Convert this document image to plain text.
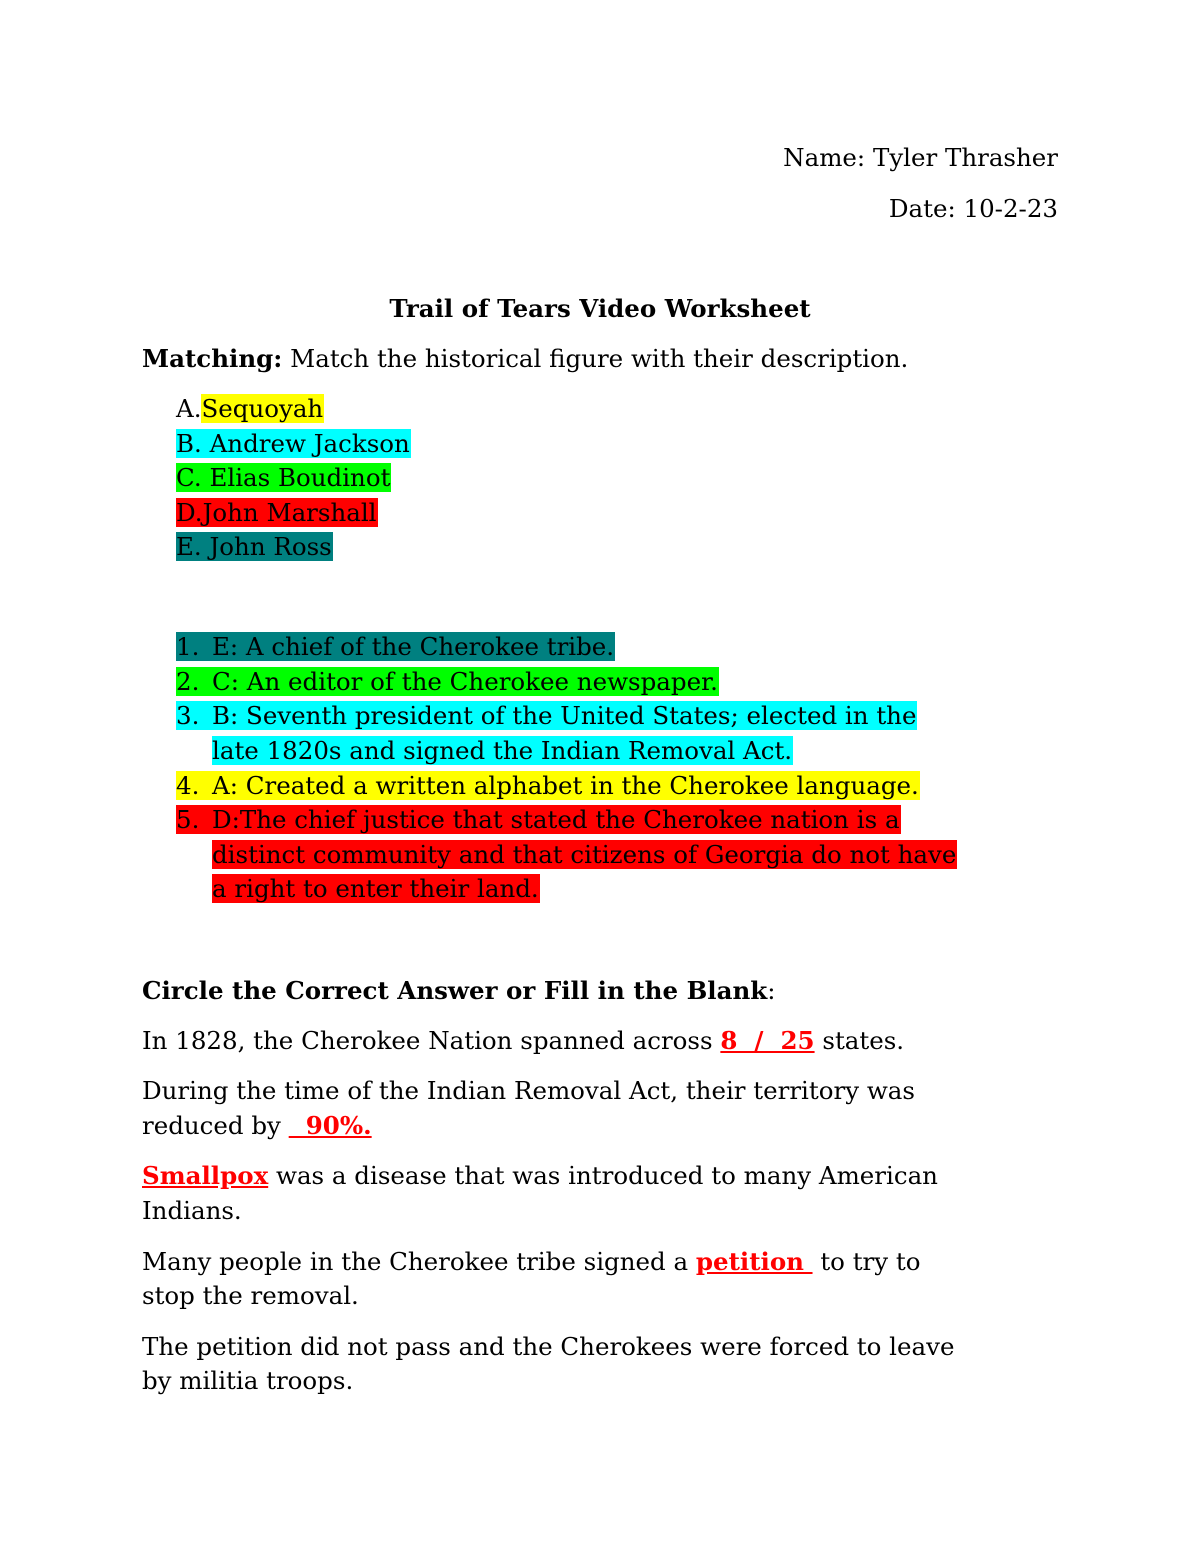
Name: Tyler Thrasher
Date: 10-2-23
Trail of Tears Video Worksheet
Matching: Match the historical figure with their description.
A.Sequoyah
B. Andrew Jackson
C. Elias Boudinot
D.John Marshall
E. John Ross
1. E: A chief of the Cherokee tribe.
2. C: An editor of the Cherokee newspaper.
3. B: Seventh president of the United States; elected in the
late 1820s and signed the Indian Removal Act.
4. A: Created a written alphabet in the Cherokee language.
5. D:The chief justice that stated the Cherokee nation is a
distinct community and that citizens of Georgia do not have
a right to enter their land.
Circle the Correct Answer or Fill in the Blank:
In 1828, the Cherokee Nation spanned across 8  /  25 states.
During the time of the Indian Removal Act, their territory was
reduced by   90%.
Smallpox was a disease that was introduced to many American
Indians.
Many people in the Cherokee tribe signed a petition  to try to
stop the removal.
The petition did not pass and the Cherokees were forced to leave
by militia troops.
